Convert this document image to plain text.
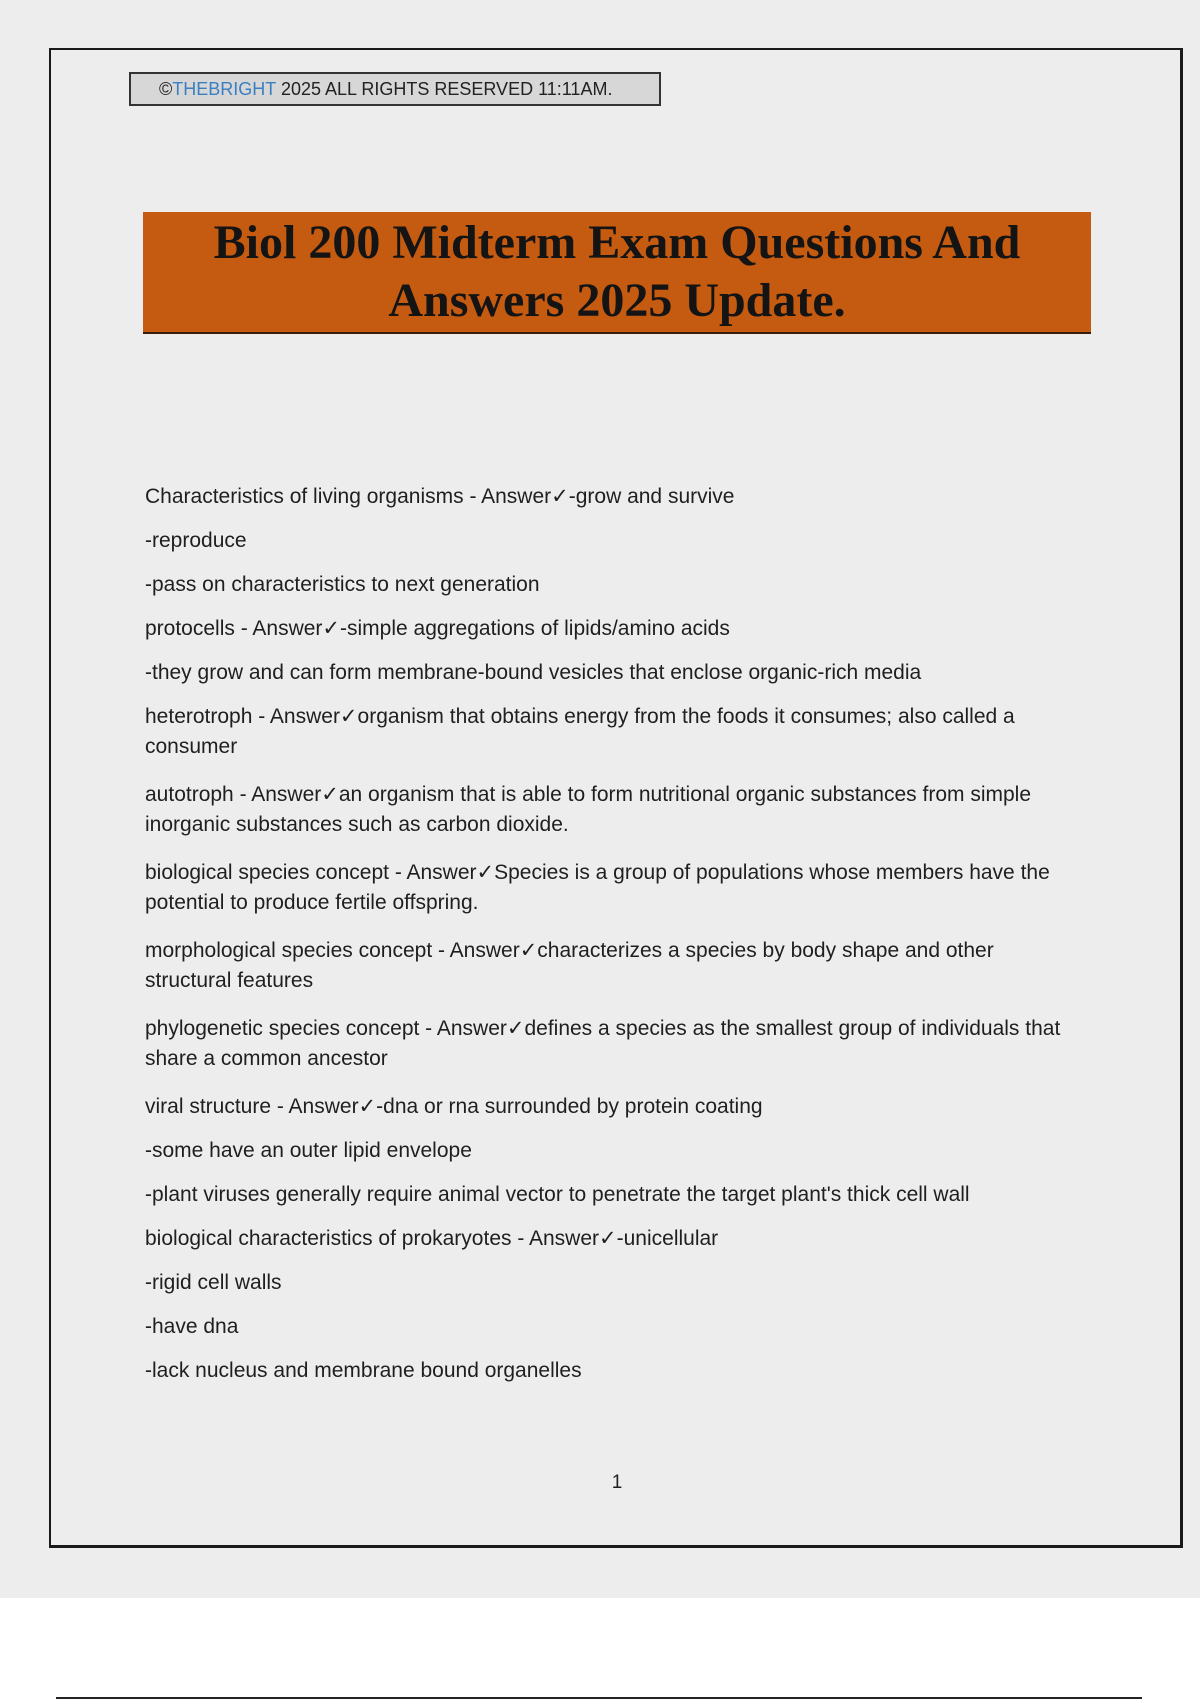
©THEBRIGHT 2025 ALL RIGHTS RESERVED 11:11AM.
Biol 200 Midterm Exam Questions And
Answers 2025 Update.

Characteristics of living organisms - Answer✓-grow and survive

-reproduce

-pass on characteristics to next generation

protocells - Answer✓-simple aggregations of lipids/amino acids

-they grow and can form membrane-bound vesicles that enclose organic-rich media

heterotroph - Answer✓organism that obtains energy from the foods it consumes; also called a consumer

autotroph - Answer✓an organism that is able to form nutritional organic substances from simple inorganic substances such as carbon dioxide.

biological species concept - Answer✓Species is a group of populations whose members have the potential to produce fertile offspring.

morphological species concept - Answer✓characterizes a species by body shape and other structural features

phylogenetic species concept - Answer✓defines a species as the smallest group of individuals that share a common ancestor

viral structure - Answer✓-dna or rna surrounded by protein coating

-some have an outer lipid envelope

-plant viruses generally require animal vector to penetrate the target plant's thick cell wall

biological characteristics of prokaryotes - Answer✓-unicellular

-rigid cell walls

-have dna

-lack nucleus and membrane bound organelles

1
